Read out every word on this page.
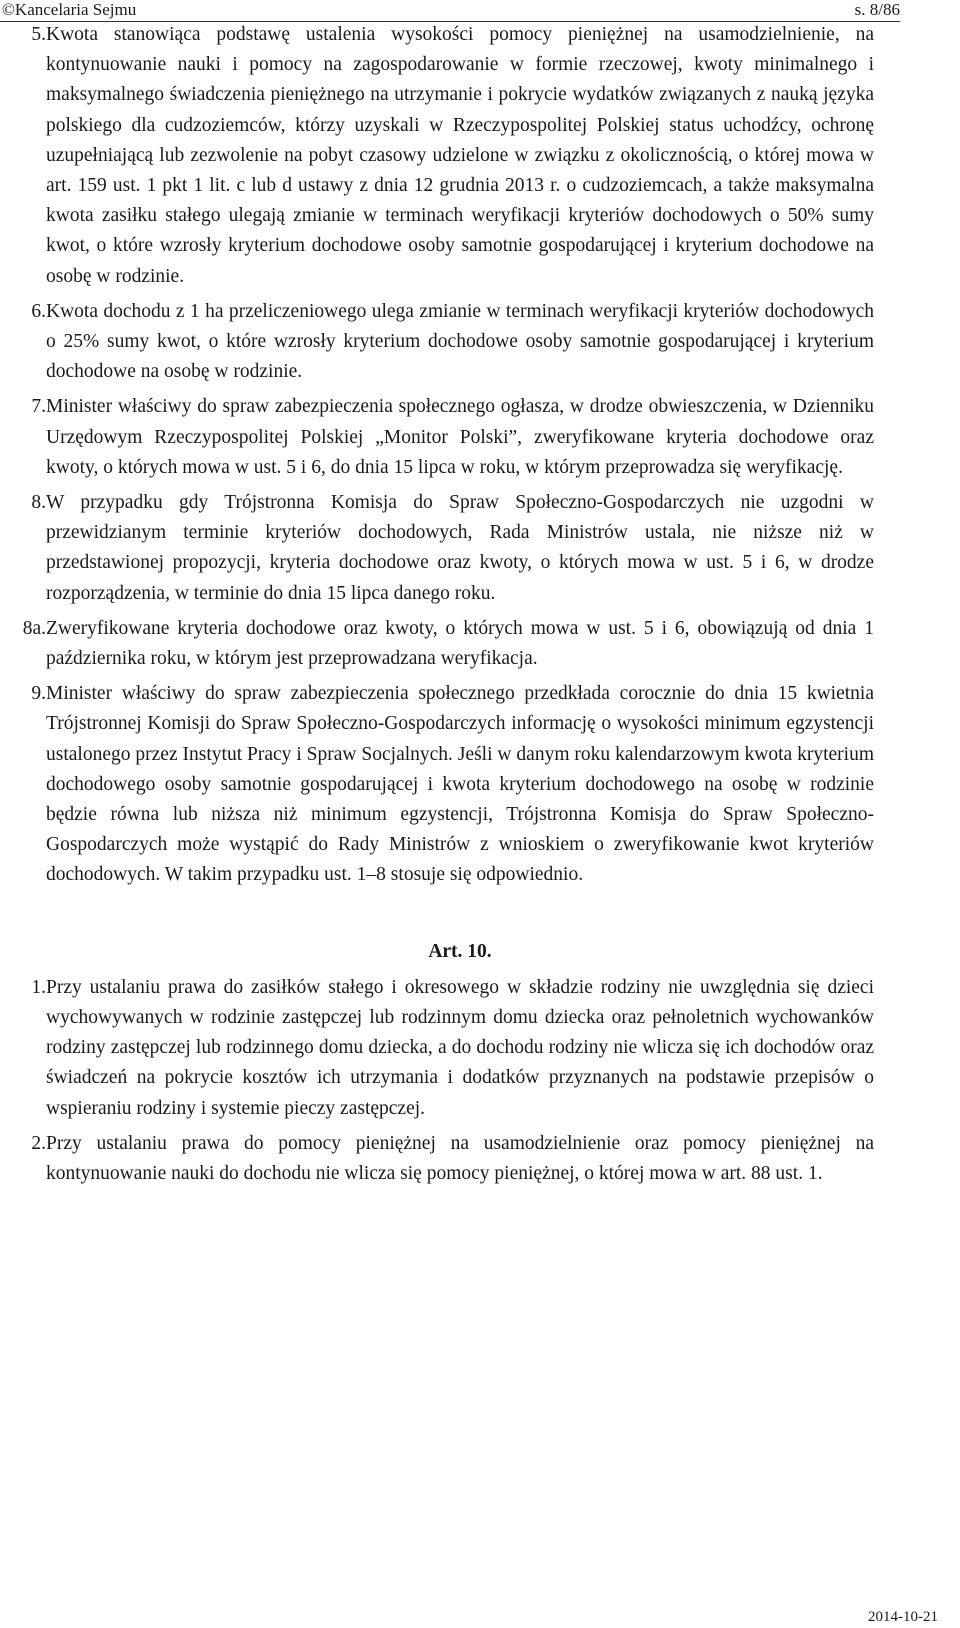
©Kancelaria Sejmu	s. 8/86

5. Kwota stanowiąca podstawę ustalenia wysokości pomocy pieniężnej na usamodzielnienie, na kontynuowanie nauki i pomocy na zagospodarowanie w formie rzeczowej, kwoty minimalnego i maksymalnego świadczenia pieniężnego na utrzymanie i pokrycie wydatków związanych z nauką języka polskiego dla cudzoziemców, którzy uzyskali w Rzeczypospolitej Polskiej status uchodźcy, ochronę uzupełniającą lub zezwolenie na pobyt czasowy udzielone w związku z okolicznością, o której mowa w art. 159 ust. 1 pkt 1 lit. c lub d ustawy z dnia 12 grudnia 2013 r. o cudzoziemcach, a także maksymalna kwota zasiłku stałego ulegają zmianie w terminach weryfikacji kryteriów dochodowych o 50% sumy kwot, o które wzrosły kryterium dochodowe osoby samotnie gospodarującej i kryterium dochodowe na osobę w rodzinie.

6. Kwota dochodu z 1 ha przeliczeniowego ulega zmianie w terminach weryfikacji kryteriów dochodowych o 25% sumy kwot, o które wzrosły kryterium dochodowe osoby samotnie gospodarującej i kryterium dochodowe na osobę w rodzinie.

7. Minister właściwy do spraw zabezpieczenia społecznego ogłasza, w drodze obwieszczenia, w Dzienniku Urzędowym Rzeczypospolitej Polskiej „Monitor Polski”, zweryfikowane kryteria dochodowe oraz kwoty, o których mowa w ust. 5 i 6, do dnia 15 lipca w roku, w którym przeprowadza się weryfikację.

8. W przypadku gdy Trójstronna Komisja do Spraw Społeczno-Gospodarczych nie uzgodni w przewidzianym terminie kryteriów dochodowych, Rada Ministrów ustala, nie niższe niż w przedstawionej propozycji, kryteria dochodowe oraz kwoty, o których mowa w ust. 5 i 6, w drodze rozporządzenia, w terminie do dnia 15 lipca danego roku.

8a. Zweryfikowane kryteria dochodowe oraz kwoty, o których mowa w ust. 5 i 6, obowiązują od dnia 1 października roku, w którym jest przeprowadzana weryfikacja.

9. Minister właściwy do spraw zabezpieczenia społecznego przedkłada corocznie do dnia 15 kwietnia Trójstronnej Komisji do Spraw Społeczno-Gospodarczych informację o wysokości minimum egzystencji ustalonego przez Instytut Pracy i Spraw Socjalnych. Jeśli w danym roku kalendarzowym kwota kryterium dochodowego osoby samotnie gospodarującej i kwota kryterium dochodowego na osobę w rodzinie będzie równa lub niższa niż minimum egzystencji, Trójstronna Komisja do Spraw Społeczno-Gospodarczych może wystąpić do Rady Ministrów z wnioskiem o zweryfikowanie kwot kryteriów dochodowych. W takim przypadku ust. 1–8 stosuje się odpowiednio.

Art. 10.

1. Przy ustalaniu prawa do zasiłków stałego i okresowego w składzie rodziny nie uwzględnia się dzieci wychowywanych w rodzinie zastępczej lub rodzinnym domu dziecka oraz pełnoletnich wychowanków rodziny zastępczej lub rodzinnego domu dziecka, a do dochodu rodziny nie wlicza się ich dochodów oraz świadczeń na pokrycie kosztów ich utrzymania i dodatków przyznanych na podstawie przepisów o wspieraniu rodziny i systemie pieczy zastępczej.

2. Przy ustalaniu prawa do pomocy pieniężnej na usamodzielnienie oraz pomocy pieniężnej na kontynuowanie nauki do dochodu nie wlicza się pomocy pieniężnej, o której mowa w art. 88 ust. 1.

2014-10-21
